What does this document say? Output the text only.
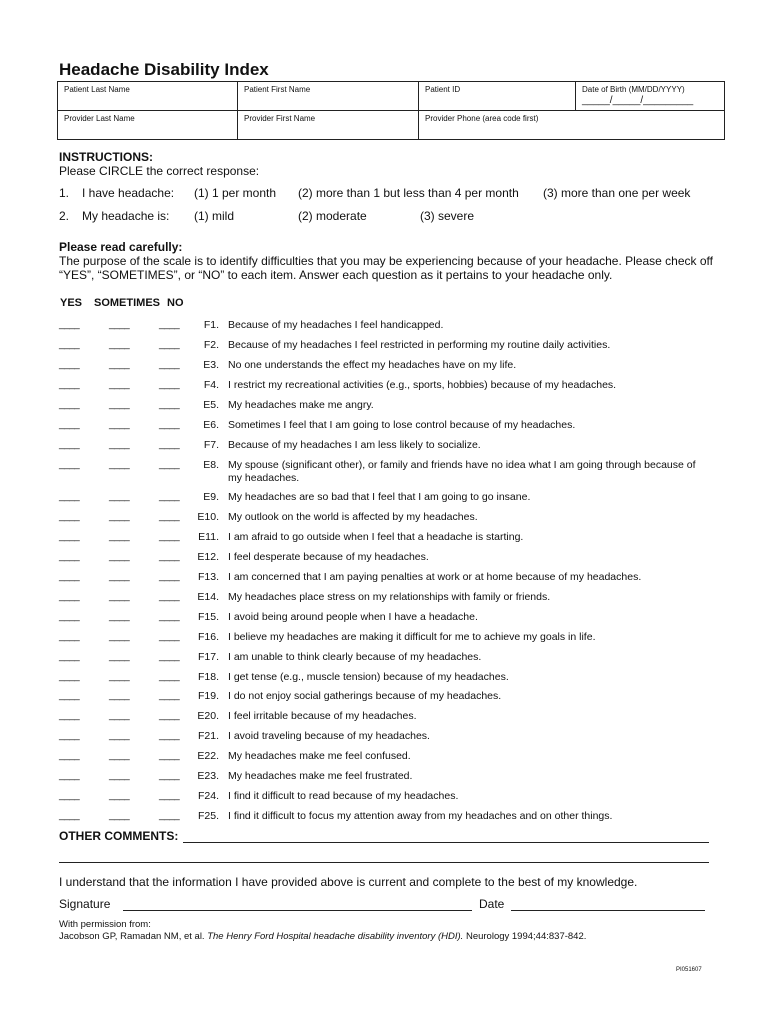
Headache Disability Index
Patient Last Name	Patient First Name	Patient ID	Date of Birth (MM/DD/YYYY)
_____/_____/_________

Provider Last Name	Provider First Name	Provider Phone (area code first)	
INSTRUCTIONS:
Please CIRCLE the correct response:
1. I have headache: (1) 1 per month (2) more than 1 but less than 4 per month (3) more than one per week
2. My headache is: (1) mild	(2) moderate	(3) severe
Please read carefully:
The purpose of the scale is to identify difficulties that you may be experiencing because of your headache. Please check off “YES”, “SOMETIMES”, or “NO” to each item. Answer each question as it pertains to your headache only.
YES SOMETIMES NO
____	____	____	F1. Because of my headaches I feel handicapped.
____	____	____	F2. Because of my headaches I feel restricted in performing my routine daily activities.
____	____	____	E3. No one understands the effect my headaches have on my life.
____	____	____	F4. I restrict my recreational activities (e.g., sports, hobbies) because of my headaches.
____	____	____	E5. My headaches make me angry.
____	____	____	E6. Sometimes I feel that I am going to lose control because of my headaches.
____	____	____	F7. Because of my headaches I am less likely to socialize.
____	____	____	E8. My spouse (significant other), or family and friends have no idea what I am going through because of my headaches.
____	____	____	E9. My headaches are so bad that I feel that I am going to go insane.
____	____	____	E10. My outlook on the world is affected by my headaches.
____	____	____	E11. I am afraid to go outside when I feel that a headache is starting.
____	____	____	E12. I feel desperate because of my headaches.
____	____	____	F13. I am concerned that I am paying penalties at work or at home because of my headaches.
____	____	____	E14. My headaches place stress on my relationships with family or friends.
____	____	____	F15. I avoid being around people when I have a headache.
____	____	____	F16. I believe my headaches are making it difficult for me to achieve my goals in life.
____	____	____	F17. I am unable to think clearly because of my headaches.
____	____	____	F18. I get tense (e.g., muscle tension) because of my headaches.
____	____	____	F19. I do not enjoy social gatherings because of my headaches.
____	____	____	E20. I feel irritable because of my headaches.
____	____	____	F21. I avoid traveling because of my headaches.
____	____	____	E22. My headaches make me feel confused.
____	____	____	E23. My headaches make me feel frustrated.
____	____	____	F24. I find it difficult to read because of my headaches.
____	____	____	F25. I find it difficult to focus my attention away from my headaches and on other things.
OTHER COMMENTS:
I understand that the information I have provided above is current and complete to the best of my knowledge.
Signature	Date
With permission from:
Jacobson GP, Ramadan NM, et al. The Henry Ford Hospital headache disability inventory (HDI). Neurology 1994;44:837-842.
PI051607
